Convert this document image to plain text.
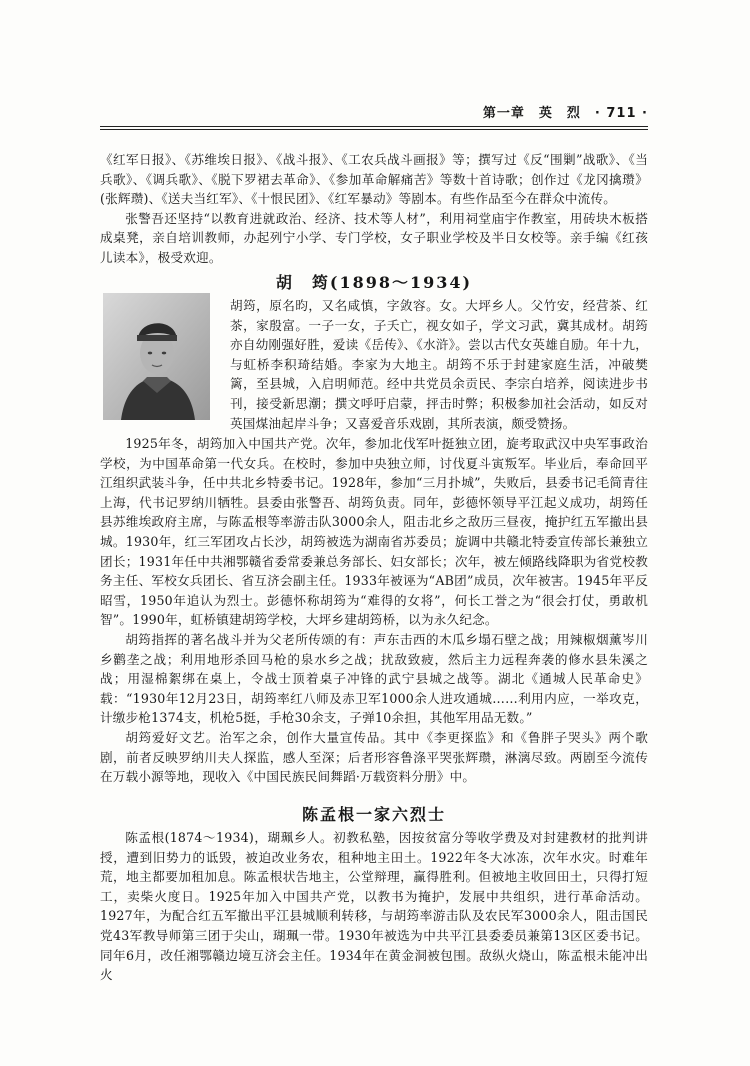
第一章　英　烈　· 711 ·

《红军日报》、《苏维埃日报》、《战斗报》、《工农兵战斗画报》等；撰写过《反“围剿”战歌》、《当兵歌》、《调兵歌》、《脱下罗裙去革命》、《参加革命解痛苦》等数十首诗歌；创作过《龙冈擒瓒》(张辉瓒)、《送夫当红军》、《十恨民团》、《红军暴动》等剧本。有些作品至今在群众中流传。

张警吾还坚持“以教育进就政治、经济、技术等人材”，利用祠堂庙宇作教室，用砖块木板搭成桌凳，亲自培训教师，办起列宁小学、专门学校，女子职业学校及半日女校等。亲手编《红孩儿读本》，极受欢迎。

胡　筠(1898～1934)

胡筠，原名昀，又名咸慎，字敛容。女。大坪乡人。父竹安，经营茶、红茶，家殷富。一子一女，子夭亡，视女如子，学文习武，冀其成材。胡筠亦自幼刚强好胜，爱读《岳传》、《水浒》。尝以古代女英雄自励。年十九，与虹桥李积琦结婚。李家为大地主。胡筠不乐于封建家庭生活，冲破樊篱，至县城，入启明师范。经中共党员余贡民、李宗白培养，阅读进步书刊，接受新思潮；撰文呼吁启蒙，抨击时弊；积极参加社会活动，如反对英国煤油起岸斗争；又喜爱音乐戏剧，其所表演，颇受赞扬。

1925年冬，胡筠加入中国共产党。次年，参加北伐军叶挺独立团，旋考取武汉中央军事政治学校，为中国革命第一代女兵。在校时，参加中央独立师，讨伐夏斗寅叛军。毕业后，奉命回平江组织武装斗争，任中共北乡特委书记。1928年，参加“三月扑城”，失败后，县委书记毛简青往上海，代书记罗纳川牺牲。县委由张警吾、胡筠负责。同年，彭德怀领导平江起义成功，胡筠任县苏维埃政府主席，与陈孟根等率游击队3000余人，阻击北乡之敌历三昼夜，掩护红五军撤出县城。1930年，红三军团攻占长沙，胡筠被选为湖南省苏委员；旋调中共赣北特委宣传部长兼独立团长；1931年任中共湘鄂赣省委常委兼总务部长、妇女部长；次年，被左倾路线降职为省党校教务主任、军校女兵团长、省互济会副主任。1933年被诬为“AB团”成员，次年被害。1945年平反昭雪，1950年追认为烈士。彭德怀称胡筠为“难得的女将”，何长工誉之为“很会打仗，勇敢机智”。1990年，虹桥镇建胡筠学校，大坪乡建胡筠桥，以为永久纪念。

胡筠指挥的著名战斗并为父老所传颂的有：声东击西的木瓜乡塌石壁之战；用辣椒烟薰岑川乡鹳垄之战；利用地形杀回马枪的泉水乡之战；扰敌致疲，然后主力远程奔袭的修水县朱溪之战；用湿棉絮绑在桌上，令战士顶着桌子冲锋的武宁县城之战等。湖北《通城人民革命史》载：“1930年12月23日，胡筠率红八师及赤卫军1000余人进攻通城……利用内应，一举攻克，计缴步枪1374支，机枪5挺，手枪30余支，子弹10余担，其他军用品无数。”

胡筠爱好文艺。治军之余，创作大量宣传品。其中《李更探监》和《鲁胖子哭头》两个歌剧，前者反映罗纳川夫人探监，感人至深；后者形容鲁涤平哭张辉瓒，淋漓尽致。两剧至今流传在万载小源等地，现收入《中国民族民间舞蹈·万载资料分册》中。

陈孟根一家六烈士

陈孟根(1874～1934)，瑚珮乡人。初教私塾，因按贫富分等收学费及对封建教材的批判讲授，遭到旧势力的诋毁，被迫改业务农，租种地主田土。1922年冬大冰冻，次年水灾。时难年荒，地主都要加租加息。陈孟根状告地主，公堂辩理，赢得胜利。但被地主收回田土，只得打短工，卖柴火度日。1925年加入中国共产党，以教书为掩护，发展中共组织，进行革命活动。1927年，为配合红五军撤出平江县城顺利转移，与胡筠率游击队及农民军3000余人，阻击国民党43军教导师第三团于尖山，瑚珮一带。1930年被选为中共平江县委委员兼第13区区委书记。同年6月，改任湘鄂赣边境互济会主任。1934年在黄金洞被包围。敌纵火烧山，陈孟根未能冲出火
